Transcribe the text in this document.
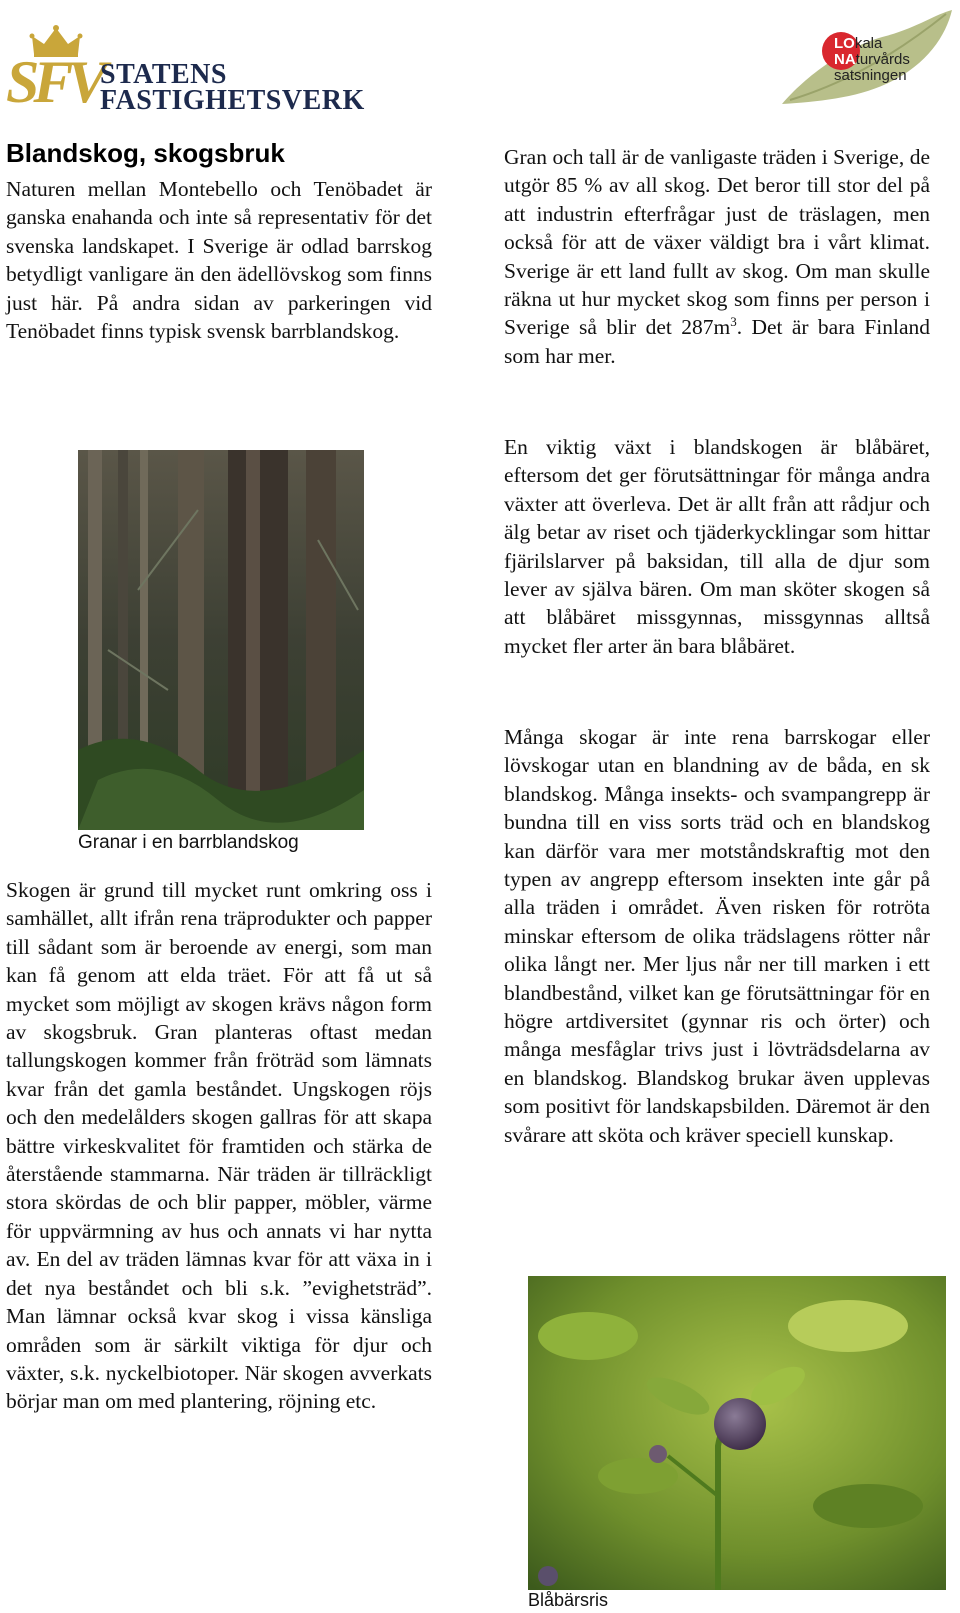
SFV
STATENS
FASTIGHETSVERK
LOkala
NAturvårds
satsningen
Blandskog, skogsbruk

Naturen mellan Montebello och Tenöbadet är ganska enahanda och inte så representativ för det svenska landskapet. I Sverige är odlad barrskog betydligt vanligare än den ädellövskog som finns just här. På andra sidan av parkeringen vid Tenöbadet finns typisk svensk barrblandskog.

Granar i en barrblandskog

Skogen är grund till mycket runt omkring oss i samhället, allt ifrån rena träprodukter och papper till sådant som är beroende av energi, som man kan få genom att elda träet. För att få ut så mycket som möjligt av skogen krävs någon form av skogsbruk. Gran planteras oftast medan tallungskogen kommer från fröträd som lämnats kvar från det gamla beståndet. Ungskogen röjs och den medelålders skogen gallras för att skapa bättre virkeskvalitet för framtiden och stärka de återstående stammarna. När träden är tillräckligt stora skördas de och blir papper, möbler, värme för uppvärmning av hus och annats vi har nytta av. En del av träden lämnas kvar för att växa in i det nya beståndet och bli s.k. ”evighetsträd”. Man lämnar också kvar skog i vissa känsliga områden som är särkilt viktiga för djur och växter, s.k. nyckelbiotoper. När skogen avverkats börjar man om med plantering, röjning etc.

Gran och tall är de vanligaste träden i Sverige, de utgör 85 % av all skog. Det beror till stor del på att industrin efterfrågar just de träslagen, men också för att de växer väldigt bra i vårt klimat. Sverige är ett land fullt av skog. Om man skulle räkna ut hur mycket skog som finns per person i Sverige så blir $\det 287m^3$. Det är bara Finland som har mer.

En viktig växt i blandskogen är blåbäret, eftersom det ger förutsättningar för många andra växter att överleva. Det är allt från att rådjur och älg betar av riset och tjäderkycklingar som hittar fjärilslarver på baksidan, till alla de djur som lever av själva bären. Om man sköter skogen så att blåbäret missgynnas, missgynnas alltså mycket fler arter än bara blåbäret.

Många skogar är inte rena barrskogar eller lövskogar utan en blandning av de båda, en sk blandskog. Många insekts- och svampangrepp är bundna till en viss sorts träd och en blandskog kan därför vara mer motståndskraftig mot den typen av angrepp eftersom insekten inte går på alla träden i området. Även risken för rotröta minskar eftersom de olika trädslagens rötter når olika långt ner. Mer ljus når ner till marken i ett blandbestånd, vilket kan ge förutsättningar för en högre artdiversitet (gynnar ris och örter) och många mesfåglar trivs just i lövträdsdelarna av en blandskog. Blandskog brukar även upplevas som positivt för landskapsbilden. Däremot är den svårare att sköta och kräver speciell kunskap.

Blåbärsris
